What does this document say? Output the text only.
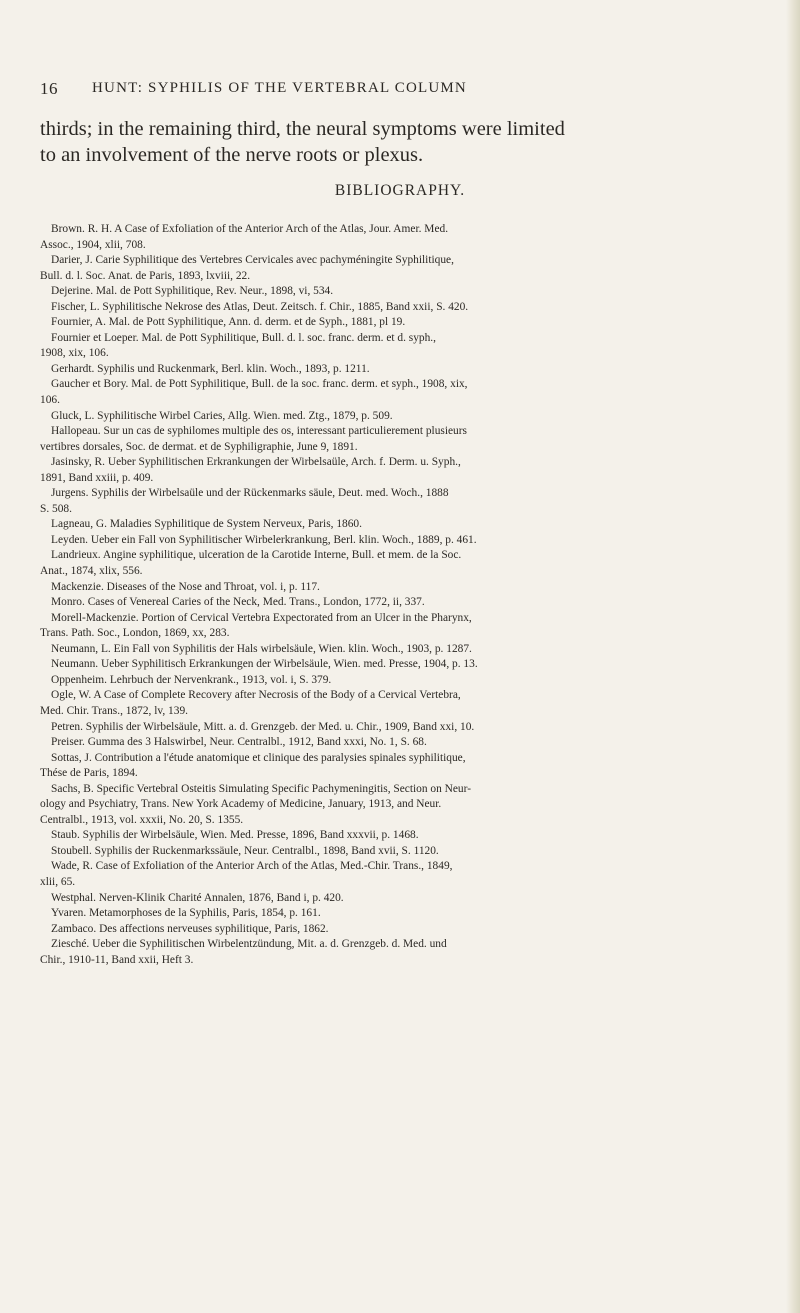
16 HUNT: SYPHILIS OF THE VERTEBRAL COLUMN
thirds; in the remaining third, the neural symptoms were limited
to an involvement of the nerve roots or plexus.
BIBLIOGRAPHY.
Brown. R. H. A Case of Exfoliation of the Anterior Arch of the Atlas, Jour. Amer. Med.
Assoc., 1904, xlii, 708.
Darier, J. Carie Syphilitique des Vertebres Cervicales avec pachyméningite Syphilitique,
Bull. d. l. Soc. Anat. de Paris, 1893, lxviii, 22.
Dejerine. Mal. de Pott Syphilitique, Rev. Neur., 1898, vi, 534.
Fischer, L. Syphilitische Nekrose des Atlas, Deut. Zeitsch. f. Chir., 1885, Band xxii, S. 420.
Fournier, A. Mal. de Pott Syphilitique, Ann. d. derm. et de Syph., 1881, pl 19.
Fournier et Loeper. Mal. de Pott Syphilitique, Bull. d. l. soc. franc. derm. et d. syph.,
1908, xix, 106.
Gerhardt. Syphilis und Ruckenmark, Berl. klin. Woch., 1893, p. 1211.
Gaucher et Bory. Mal. de Pott Syphilitique, Bull. de la soc. franc. derm. et syph., 1908, xix,
106.
Gluck, L. Syphilitische Wirbel Caries, Allg. Wien. med. Ztg., 1879, p. 509.
Hallopeau. Sur un cas de syphilomes multiple des os, interessant particulierement plusieurs
vertibres dorsales, Soc. de dermat. et de Syphiligraphie, June 9, 1891.
Jasinsky, R. Ueber Syphilitischen Erkrankungen der Wirbelsaüle, Arch. f. Derm. u. Syph.,
1891, Band xxiii, p. 409.
Jurgens. Syphilis der Wirbelsaüle und der Rückenmarks säule, Deut. med. Woch., 1888
S. 508.
Lagneau, G. Maladies Syphilitique de System Nerveux, Paris, 1860.
Leyden. Ueber ein Fall von Syphilitischer Wirbelerkrankung, Berl. klin. Woch., 1889, p. 461.
Landrieux. Angine syphilitique, ulceration de la Carotide Interne, Bull. et mem. de la Soc.
Anat., 1874, xlix, 556.
Mackenzie. Diseases of the Nose and Throat, vol. i, p. 117.
Monro. Cases of Venereal Caries of the Neck, Med. Trans., London, 1772, ii, 337.
Morell-Mackenzie. Portion of Cervical Vertebra Expectorated from an Ulcer in the Pharynx,
Trans. Path. Soc., London, 1869, xx, 283.
Neumann, L. Ein Fall von Syphilitis der Hals wirbelsäule, Wien. klin. Woch., 1903, p. 1287.
Neumann. Ueber Syphilitisch Erkrankungen der Wirbelsäule, Wien. med. Presse, 1904, p. 13.
Oppenheim. Lehrbuch der Nervenkrank., 1913, vol. i, S. 379.
Ogle, W. A Case of Complete Recovery after Necrosis of the Body of a Cervical Vertebra,
Med. Chir. Trans., 1872, lv, 139.
Petren. Syphilis der Wirbelsäule, Mitt. a. d. Grenzgeb. der Med. u. Chir., 1909, Band xxi, 10.
Preiser. Gumma des 3 Halswirbel, Neur. Centralbl., 1912, Band xxxi, No. 1, S. 68.
Sottas, J. Contribution a l'étude anatomique et clinique des paralysies spinales syphilitique,
Thése de Paris, 1894.
Sachs, B. Specific Vertebral Osteitis Simulating Specific Pachymeningitis, Section on Neur-
ology and Psychiatry, Trans. New York Academy of Medicine, January, 1913, and Neur.
Centralbl., 1913, vol. xxxii, No. 20, S. 1355.
Staub. Syphilis der Wirbelsäule, Wien. Med. Presse, 1896, Band xxxvii, p. 1468.
Stoubell. Syphilis der Ruckenmarkssäule, Neur. Centralbl., 1898, Band xvii, S. 1120.
Wade, R. Case of Exfoliation of the Anterior Arch of the Atlas, Med.-Chir. Trans., 1849,
xlii, 65.
Westphal. Nerven-Klinik Charité Annalen, 1876, Band i, p. 420.
Yvaren. Metamorphoses de la Syphilis, Paris, 1854, p. 161.
Zambaco. Des affections nerveuses syphilitique, Paris, 1862.
Ziesché. Ueber die Syphilitischen Wirbelentzündung, Mit. a. d. Grenzgeb. d. Med. und
Chir., 1910-11, Band xxii, Heft 3.
